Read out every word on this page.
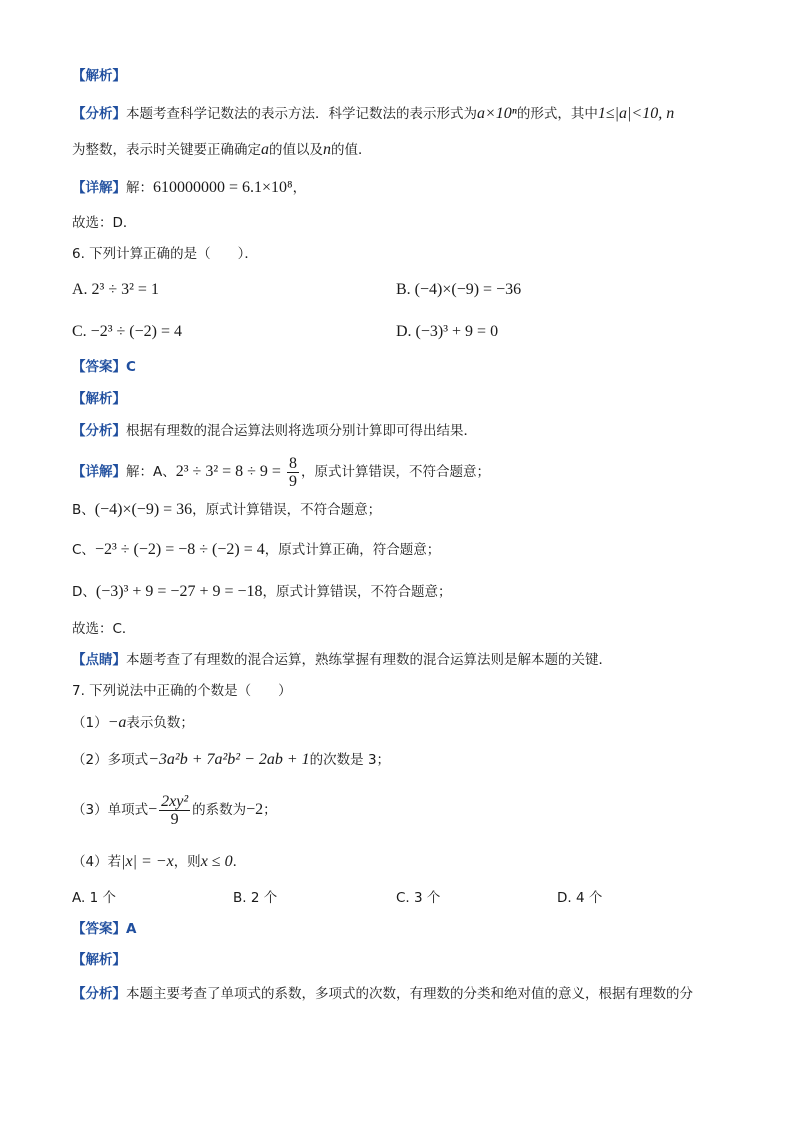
【解析】
【分析】本题考查科学记数法的表示方法．科学记数法的表示形式为a×10ⁿ的形式，其中1≤|a|<10, n
为整数，表示时关键要正确确定a的值以及n的值．
【详解】解：610000000 = 6.1×10⁸，
故选：D．
6. 下列计算正确的是（　　）．
A. 2³ ÷ 3² = 1	B. (−4)×(−9) = −36
C. −2³ ÷ (−2) = 4	D. (−3)³ + 9 = 0
【答案】C
【解析】
【分析】根据有理数的混合运算法则将选项分别计算即可得出结果．
【详解】解：A、$2^3 \div 3^2 = 8 \div 9 = \frac{8}{9}$ ，原式计算错误，不符合题意；
B、(−4)×(−9) = 36，原式计算错误，不符合题意；
C、−2³ ÷ (−2) = −8 ÷ (−2) = 4，原式计算正确，符合题意；
D、(−3)³ + 9 = −27 + 9 = −18，原式计算错误，不符合题意；
故选：C．
【点睛】本题考查了有理数的混合运算，熟练掌握有理数的混合运算法则是解本题的关键．
7. 下列说法中正确的个数是（　　）
（1）−a表示负数；
（2）多项式−3a²b + 7a²b² − 2ab + 1的次数是 3；
（3）单项式− $\frac{\text{2xy²}}{9}$ 的系数为−2；
（4）若|x| = −x，则x ≤ 0．
A. 1 个	B. 2 个	C. 3 个	D. 4 个
【答案】A
【解析】
【分析】本题主要考查了单项式的系数，多项式的次数，有理数的分类和绝对值的意义，根据有理数的分
